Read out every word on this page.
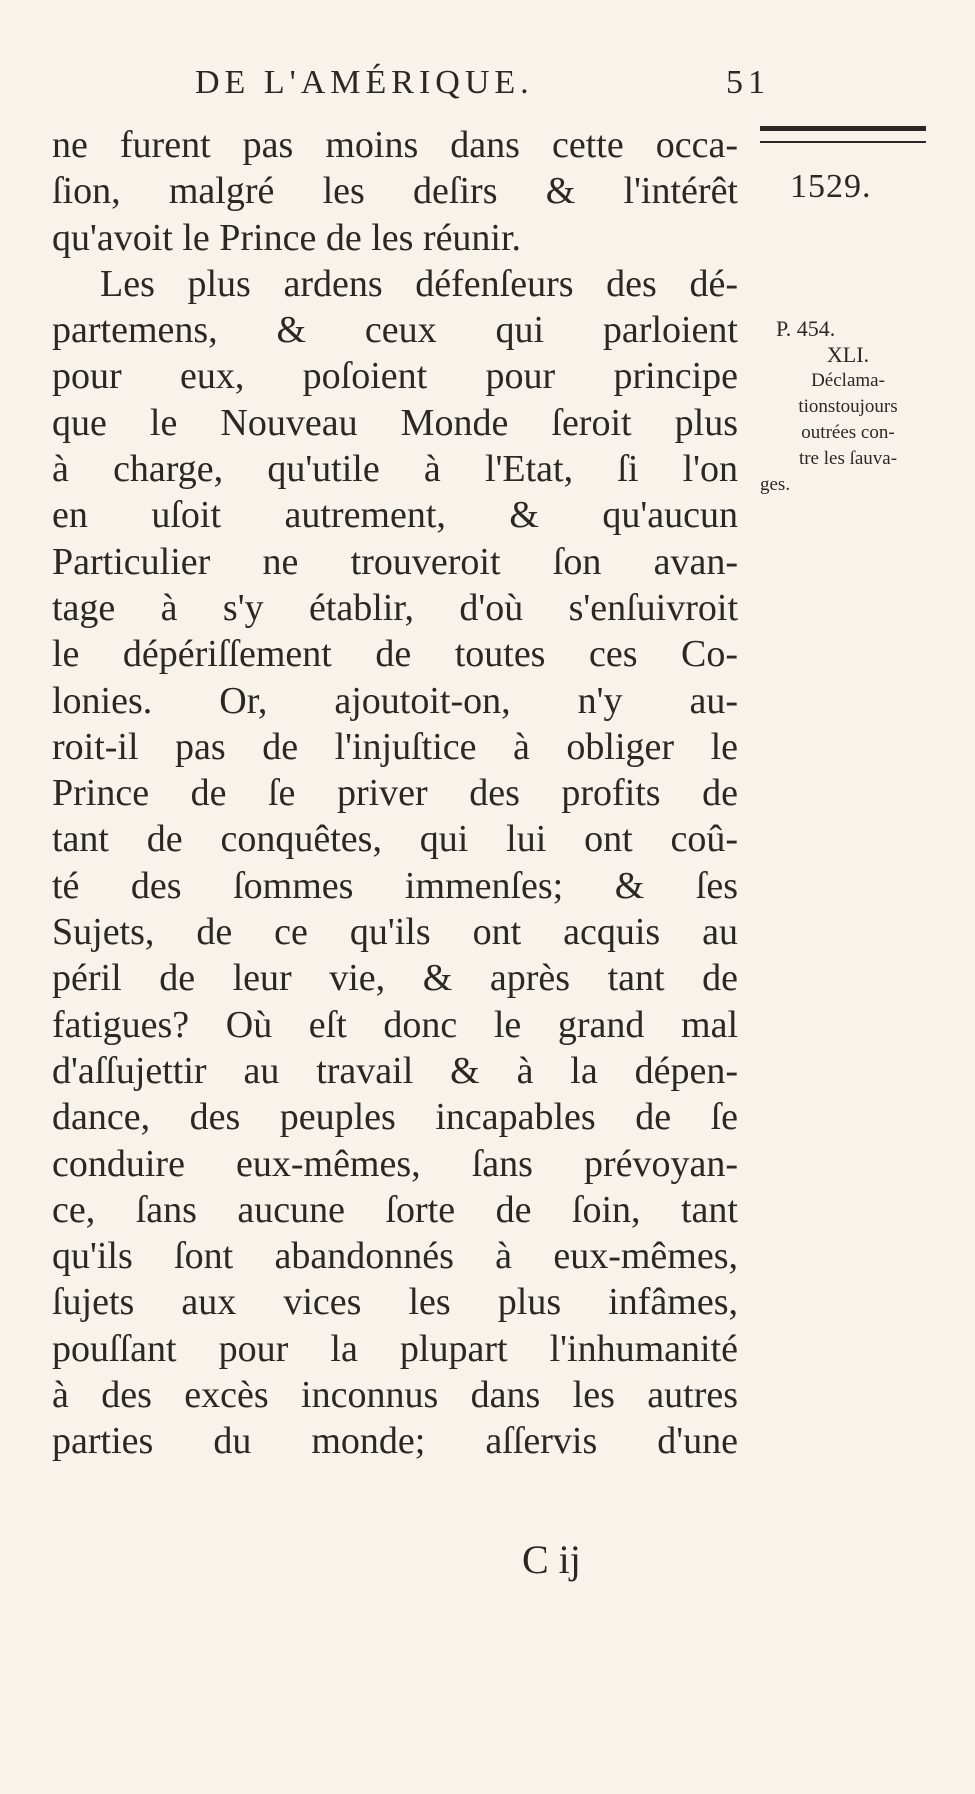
DE L'AMÉRIQUE.	51
1529.
P. 454.
XLI.
Déclama-
tionstoujours
outrées con-
tre les ſauva-
ges.
ne furent pas moins dans cette occa-
ſion, malgré les deſirs & l'intérêt
qu'avoit le Prince de les réunir.
Les plus ardens défenſeurs des dé-
partemens, & ceux qui parloient
pour eux, poſoient pour principe
que le Nouveau Monde ſeroit plus
à charge, qu'utile à l'Etat, ſi l'on
en uſoit autrement, & qu'aucun
Particulier ne trouveroit ſon avan-
tage à s'y établir, d'où s'enſuivroit
le dépériſſement de toutes ces Co-
lonies. Or, ajoutoit-on, n'y au-
roit-il pas de l'injuſtice à obliger le
Prince de ſe priver des profits de
tant de conquêtes, qui lui ont coû-
té des ſommes immenſes; & ſes
Sujets, de ce qu'ils ont acquis au
péril de leur vie, & après tant de
fatigues? Où eſt donc le grand mal
d'aſſujettir au travail & à la dépen-
dance, des peuples incapables de ſe
conduire eux-mêmes, ſans prévoyan-
ce, ſans aucune ſorte de ſoin, tant
qu'ils ſont abandonnés à eux-mêmes,
ſujets aux vices les plus infâmes,
pouſſant pour la plupart l'inhumanité
à des excès inconnus dans les autres
parties du monde; aſſervis d'une
C ij
